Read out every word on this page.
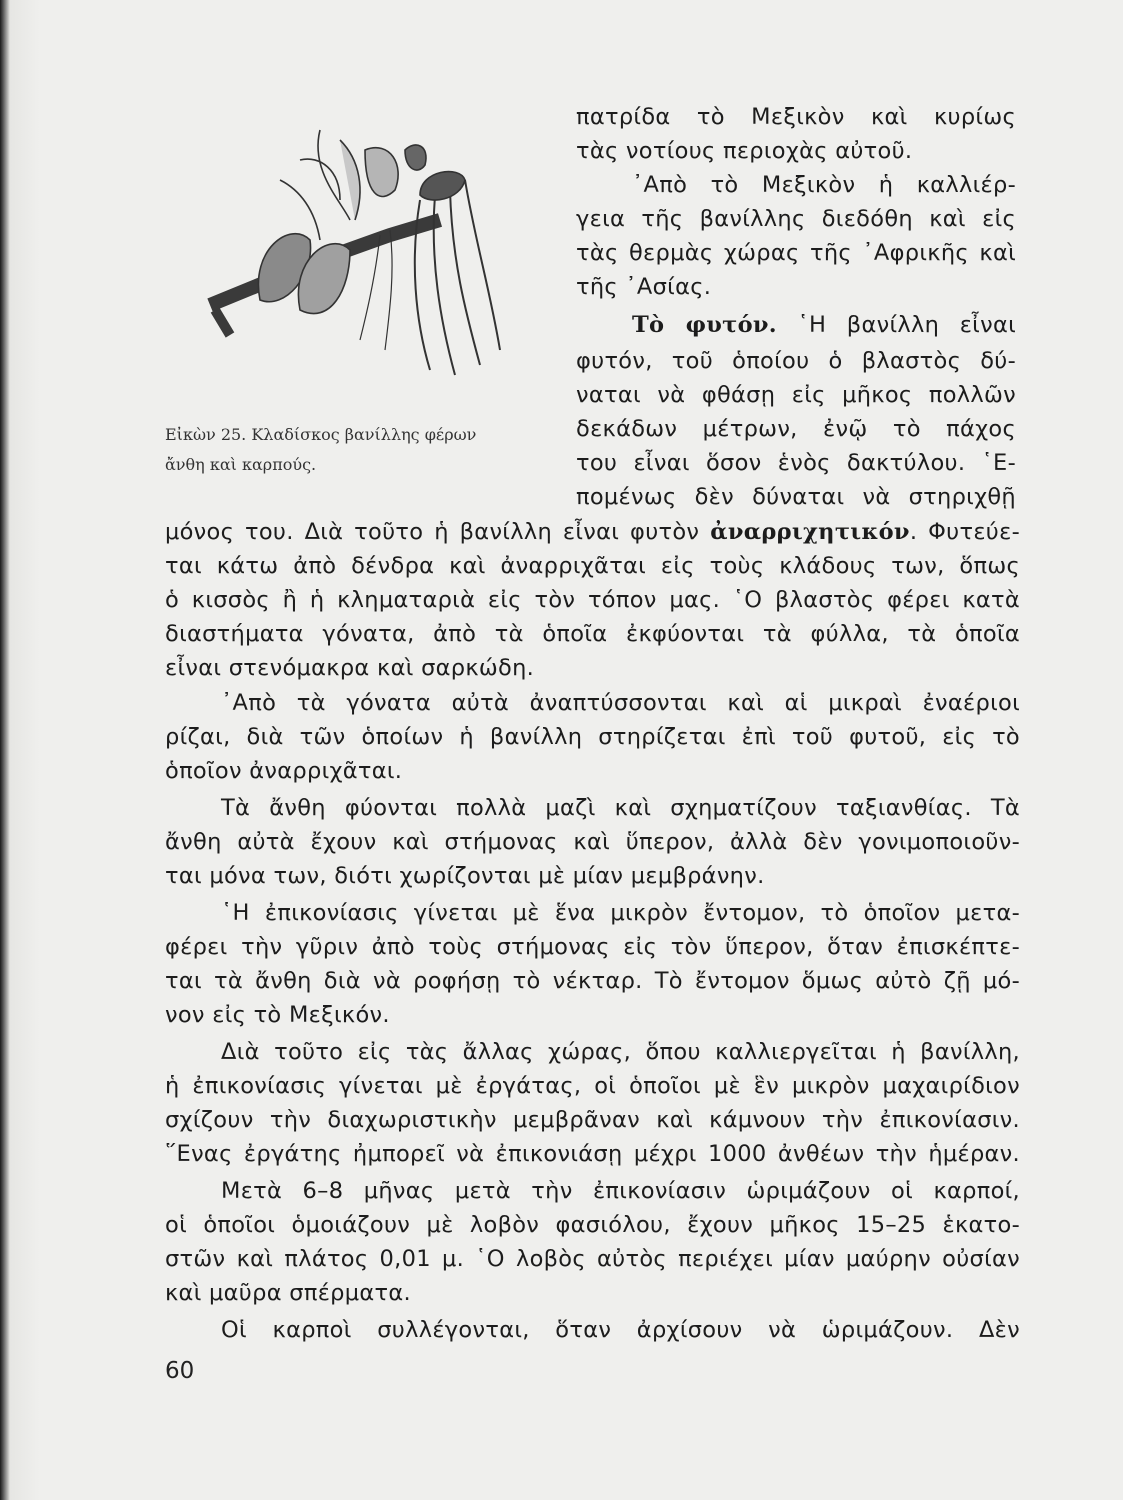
Εἰκὼν 25. Κλαδίσκος βανίλλης φέρων
ἄνθη καὶ καρπούς.
πατρίδα τὸ Μεξικὸν καὶ κυρίως
τὰς νοτίους περιοχὰς αὐτοῦ.
᾿Απὸ τὸ Μεξικὸν ἡ καλλιέρ-
γεια τῆς βανίλλης διεδόθη καὶ εἰς
τὰς θερμὰς χώρας τῆς ᾿Αφρικῆς καὶ
τῆς ᾿Ασίας.
Τὸ φυτόν. ῾Η βανίλλη εἶναι
φυτόν, τοῦ ὁποίου ὁ βλαστὸς δύ-
ναται νὰ φθάσῃ εἰς μῆκος πολλῶν
δεκάδων μέτρων, ἐνῷ τὸ πάχος
του εἶναι ὅσον ἑνὸς δακτύλου. ῾Ε-
πομένως δὲν δύναται νὰ στηριχθῇ
μόνος του. Διὰ τοῦτο ἡ βανίλλη εἶναι φυτὸν ἀναρριχητικόν. Φυτεύε-
ται κάτω ἀπὸ δένδρα καὶ ἀναρριχᾶται εἰς τοὺς κλάδους των, ὅπως
ὁ κισσὸς ἢ ἡ κληματαριὰ εἰς τὸν τόπον μας. ῾Ο βλαστὸς φέρει κατὰ
διαστήματα γόνατα, ἀπὸ τὰ ὁποῖα ἐκφύονται τὰ φύλλα, τὰ ὁποῖα
εἶναι στενόμακρα καὶ σαρκώδη.
᾿Απὸ τὰ γόνατα αὐτὰ ἀναπτύσσονται καὶ αἱ μικραὶ ἐναέριοι
ρίζαι, διὰ τῶν ὁποίων ἡ βανίλλη στηρίζεται ἐπὶ τοῦ φυτοῦ, εἰς τὸ
ὁποῖον ἀναρριχᾶται.
Τὰ ἄνθη φύονται πολλὰ μαζὶ καὶ σχηματίζουν ταξιανθίας. Τὰ
ἄνθη αὐτὰ ἔχουν καὶ στήμονας καὶ ὕπερον, ἀλλὰ δὲν γονιμοποιοῦν-
ται μόνα των, διότι χωρίζονται μὲ μίαν μεμβράνην.
῾Η ἐπικονίασις γίνεται μὲ ἕνα μικρὸν ἔντομον, τὸ ὁποῖον μετα-
φέρει τὴν γῦριν ἀπὸ τοὺς στήμονας εἰς τὸν ὕπερον, ὅταν ἐπισκέπτε-
ται τὰ ἄνθη διὰ νὰ ροφήσῃ τὸ νέκταρ. Τὸ ἔντομον ὅμως αὐτὸ ζῇ μό-
νον εἰς τὸ Μεξικόν.
Διὰ τοῦτο εἰς τὰς ἄλλας χώρας, ὅπου καλλιεργεῖται ἡ βανίλλη,
ἡ ἐπικονίασις γίνεται μὲ ἐργάτας, οἱ ὁποῖοι μὲ ἓν μικρὸν μαχαιρίδιον
σχίζουν τὴν διαχωριστικὴν μεμβρᾶναν καὶ κάμνουν τὴν ἐπικονίασιν.
῞Ενας ἐργάτης ἠμπορεῖ νὰ ἐπικονιάσῃ μέχρι 1000 ἀνθέων τὴν ἡμέραν.
Μετὰ 6–8 μῆνας μετὰ τὴν ἐπικονίασιν ὡριμάζουν οἱ καρποί,
οἱ ὁποῖοι ὁμοιάζουν μὲ λοβὸν φασιόλου, ἔχουν μῆκος 15–25 ἑκατο-
στῶν καὶ πλάτος 0,01 μ. ῾Ο λοβὸς αὐτὸς περιέχει μίαν μαύρην οὐσίαν
καὶ μαῦρα σπέρματα.
Οἱ καρποὶ συλλέγονται, ὅταν ἀρχίσουν νὰ ὡριμάζουν. Δὲν
60
